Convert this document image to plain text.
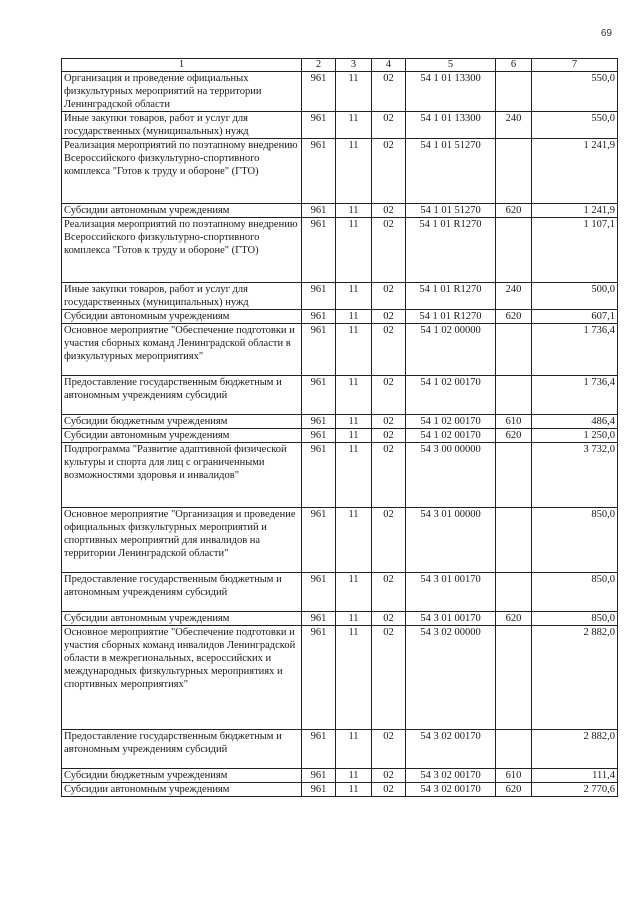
69
1	2	3	4	5	6	7
Организация и проведение официальных физкультурных мероприятий на территории Ленинградской области	961	11	02	54 1 01 13300		550,0
Иные закупки товаров, работ и услуг для государственных (муниципальных) нужд	961	11	02	54 1 01 13300	240	550,0
Реализация мероприятий по поэтапному внедрению Всероссийского физкультурно-спортивного комплекса "Готов к труду и обороне" (ГТО)	961	11	02	54 1 01 51270		1 241,9
Субсидии автономным учреждениям	961	11	02	54 1 01 51270	620	1 241,9
Реализация мероприятий по поэтапному внедрению Всероссийского физкультурно-спортивного комплекса "Готов к труду и обороне" (ГТО)	961	11	02	54 1 01 R1270		1 107,1
Иные закупки товаров, работ и услуг для государственных (муниципальных) нужд	961	11	02	54 1 01 R1270	240	500,0
Субсидии автономным учреждениям	961	11	02	54 1 01 R1270	620	607,1
Основное мероприятие "Обеспечение подготовки и участия сборных команд Ленинградской области в физкультурных мероприятиях"	961	11	02	54 1 02 00000		1 736,4
Предоставление государственным бюджетным и автономным учреждениям субсидий	961	11	02	54 1 02 00170		1 736,4
Субсидии бюджетным учреждениям	961	11	02	54 1 02 00170	610	486,4
Субсидии автономным учреждениям	961	11	02	54 1 02 00170	620	1 250,0
Подпрограмма "Развитие адаптивной физической культуры и спорта для лиц с ограниченными возможностями здоровья и инвалидов"	961	11	02	54 3 00 00000		3 732,0
Основное мероприятие "Организация и проведение официальных физкультурных мероприятий и спортивных мероприятий для инвалидов на территории Ленинградской области"	961	11	02	54 3 01 00000		850,0
Предоставление государственным бюджетным и автономным учреждениям субсидий	961	11	02	54 3 01 00170		850,0
Субсидии автономным учреждениям	961	11	02	54 3 01 00170	620	850,0
Основное мероприятие "Обеспечение подготовки и участия сборных команд инвалидов Ленинградской области в межрегиональных, всероссийских и международных физкультурных мероприятиях и спортивных мероприятиях"	961	11	02	54 3 02 00000		2 882,0
Предоставление государственным бюджетным и автономным учреждениям субсидий	961	11	02	54 3 02 00170		2 882,0
Субсидии бюджетным учреждениям	961	11	02	54 3 02 00170	610	111,4
Субсидии автономным учреждениям	961	11	02	54 3 02 00170	620	2 770,6
